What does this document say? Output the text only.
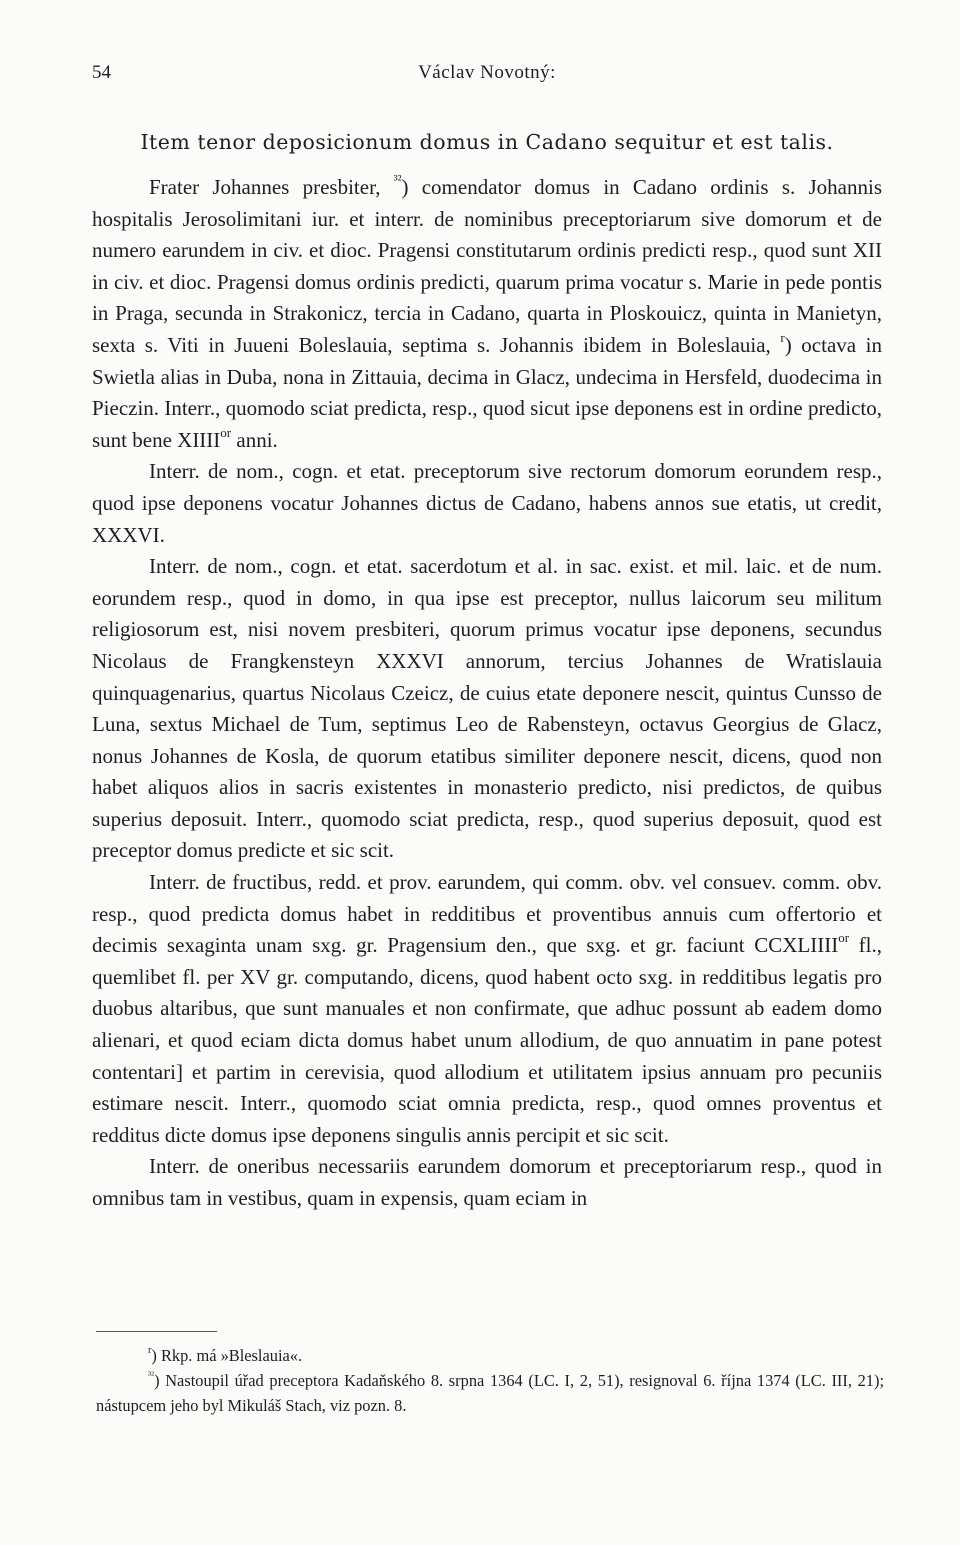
54	Václav Novotný:
Item tenor deposicionum domus in Cadano sequitur et est talis.

Frater Johannes presbiter, $^{^{32}}$) comendator domus in Cadano ordinis s. Johannis hospitalis Jerosolimitani iur. et interr. de nominibus preceptoriarum sive domorum et de numero earundem in civ. et dioc. Pragensi constitutarum ordinis predicti resp., quod sunt XII in civ. et dioc. Pragensi domus ordinis predicti, quarum prima vocatur s. Marie in pede pontis in Praga, secunda in Strakonicz, tercia in Cadano, quarta in Ploskouicz, quinta in Manietyn, sexta s. Viti in Juueni Boleslauia, septima s. Johannis ibidem in Boleslauia, $^r$) octava in Swietla alias in Duba, nona in Zittauia, decima in Glacz, undecima in Hersfeld, duodecima in Pieczin. Interr., quomodo sciat predicta, resp., quod sicut ipse deponens est in ordine predicto, sunt bene $XIIII^{or}$ anni.

Interr. de nom., cogn. et etat. preceptorum sive rectorum domorum eorundem resp., quod ipse deponens vocatur Johannes dictus de Cadano, habens annos sue etatis, ut credit, XXXVI.

Interr. de nom., cogn. et etat. sacerdotum et al. in sac. exist. et mil. laic. et de num. eorundem resp., quod in domo, in qua ipse est preceptor, nullus laicorum seu militum religiosorum est, nisi novem presbiteri, quorum primus vocatur ipse deponens, secundus Nicolaus de Frangkensteyn XXXVI annorum, tercius Johannes de Wratislauia quinquagenarius, quartus Nicolaus Czeicz, de cuius etate deponere nescit, quintus Cunsso de Luna, sextus Michael de Tum, septimus Leo de Rabensteyn, octavus Georgius de Glacz, nonus Johannes de Kosla, de quorum etatibus similiter deponere nescit, dicens, quod non habet aliquos alios in sacris existentes in monasterio predicto, nisi predictos, de quibus superius deposuit. Interr., quomodo sciat predicta, resp., quod superius deposuit, quod est preceptor domus predicte et sic scit.

Interr. de fructibus, redd. et prov. earundem, qui comm. obv. vel consuev. comm. obv. resp., quod predicta domus habet in redditibus et proventibus annuis cum offertorio et decimis sexaginta unam sxg. gr. Pragensium den., que sxg. et gr. faciunt $CCXLIIII^{or}$ fl., quemlibet fl. per XV gr. computando, dicens, quod habent octo sxg. in redditibus legatis pro duobus altaribus, que sunt manuales et non confirmate, que adhuc possunt ab eadem domo alienari, et quod eciam dicta domus habet unum allodium, de quo annuatim in pane potest contentari] et partim in cerevisia, quod allodium et utilitatem ipsius annuam pro pecuniis estimare nescit. Interr., quomodo sciat omnia predicta, resp., quod omnes proventus et redditus dicte domus ipse deponens singulis annis percipit et sic scit.

Interr. de oneribus necessariis earundem domorum et preceptoriarum resp., quod in omnibus tam in vestibus, quam in expensis, quam eciam in

$^r$) Rkp. má »Bleslauia«.

$^{^{32}}$) Nastoupil úřad preceptora Kadaňského 8. srpna 1364 (LC. I, 2, 51), resignoval 6. října 1374 (LC. III, 21); nástupcem jeho byl Mikuláš Stach, viz pozn. 8.
